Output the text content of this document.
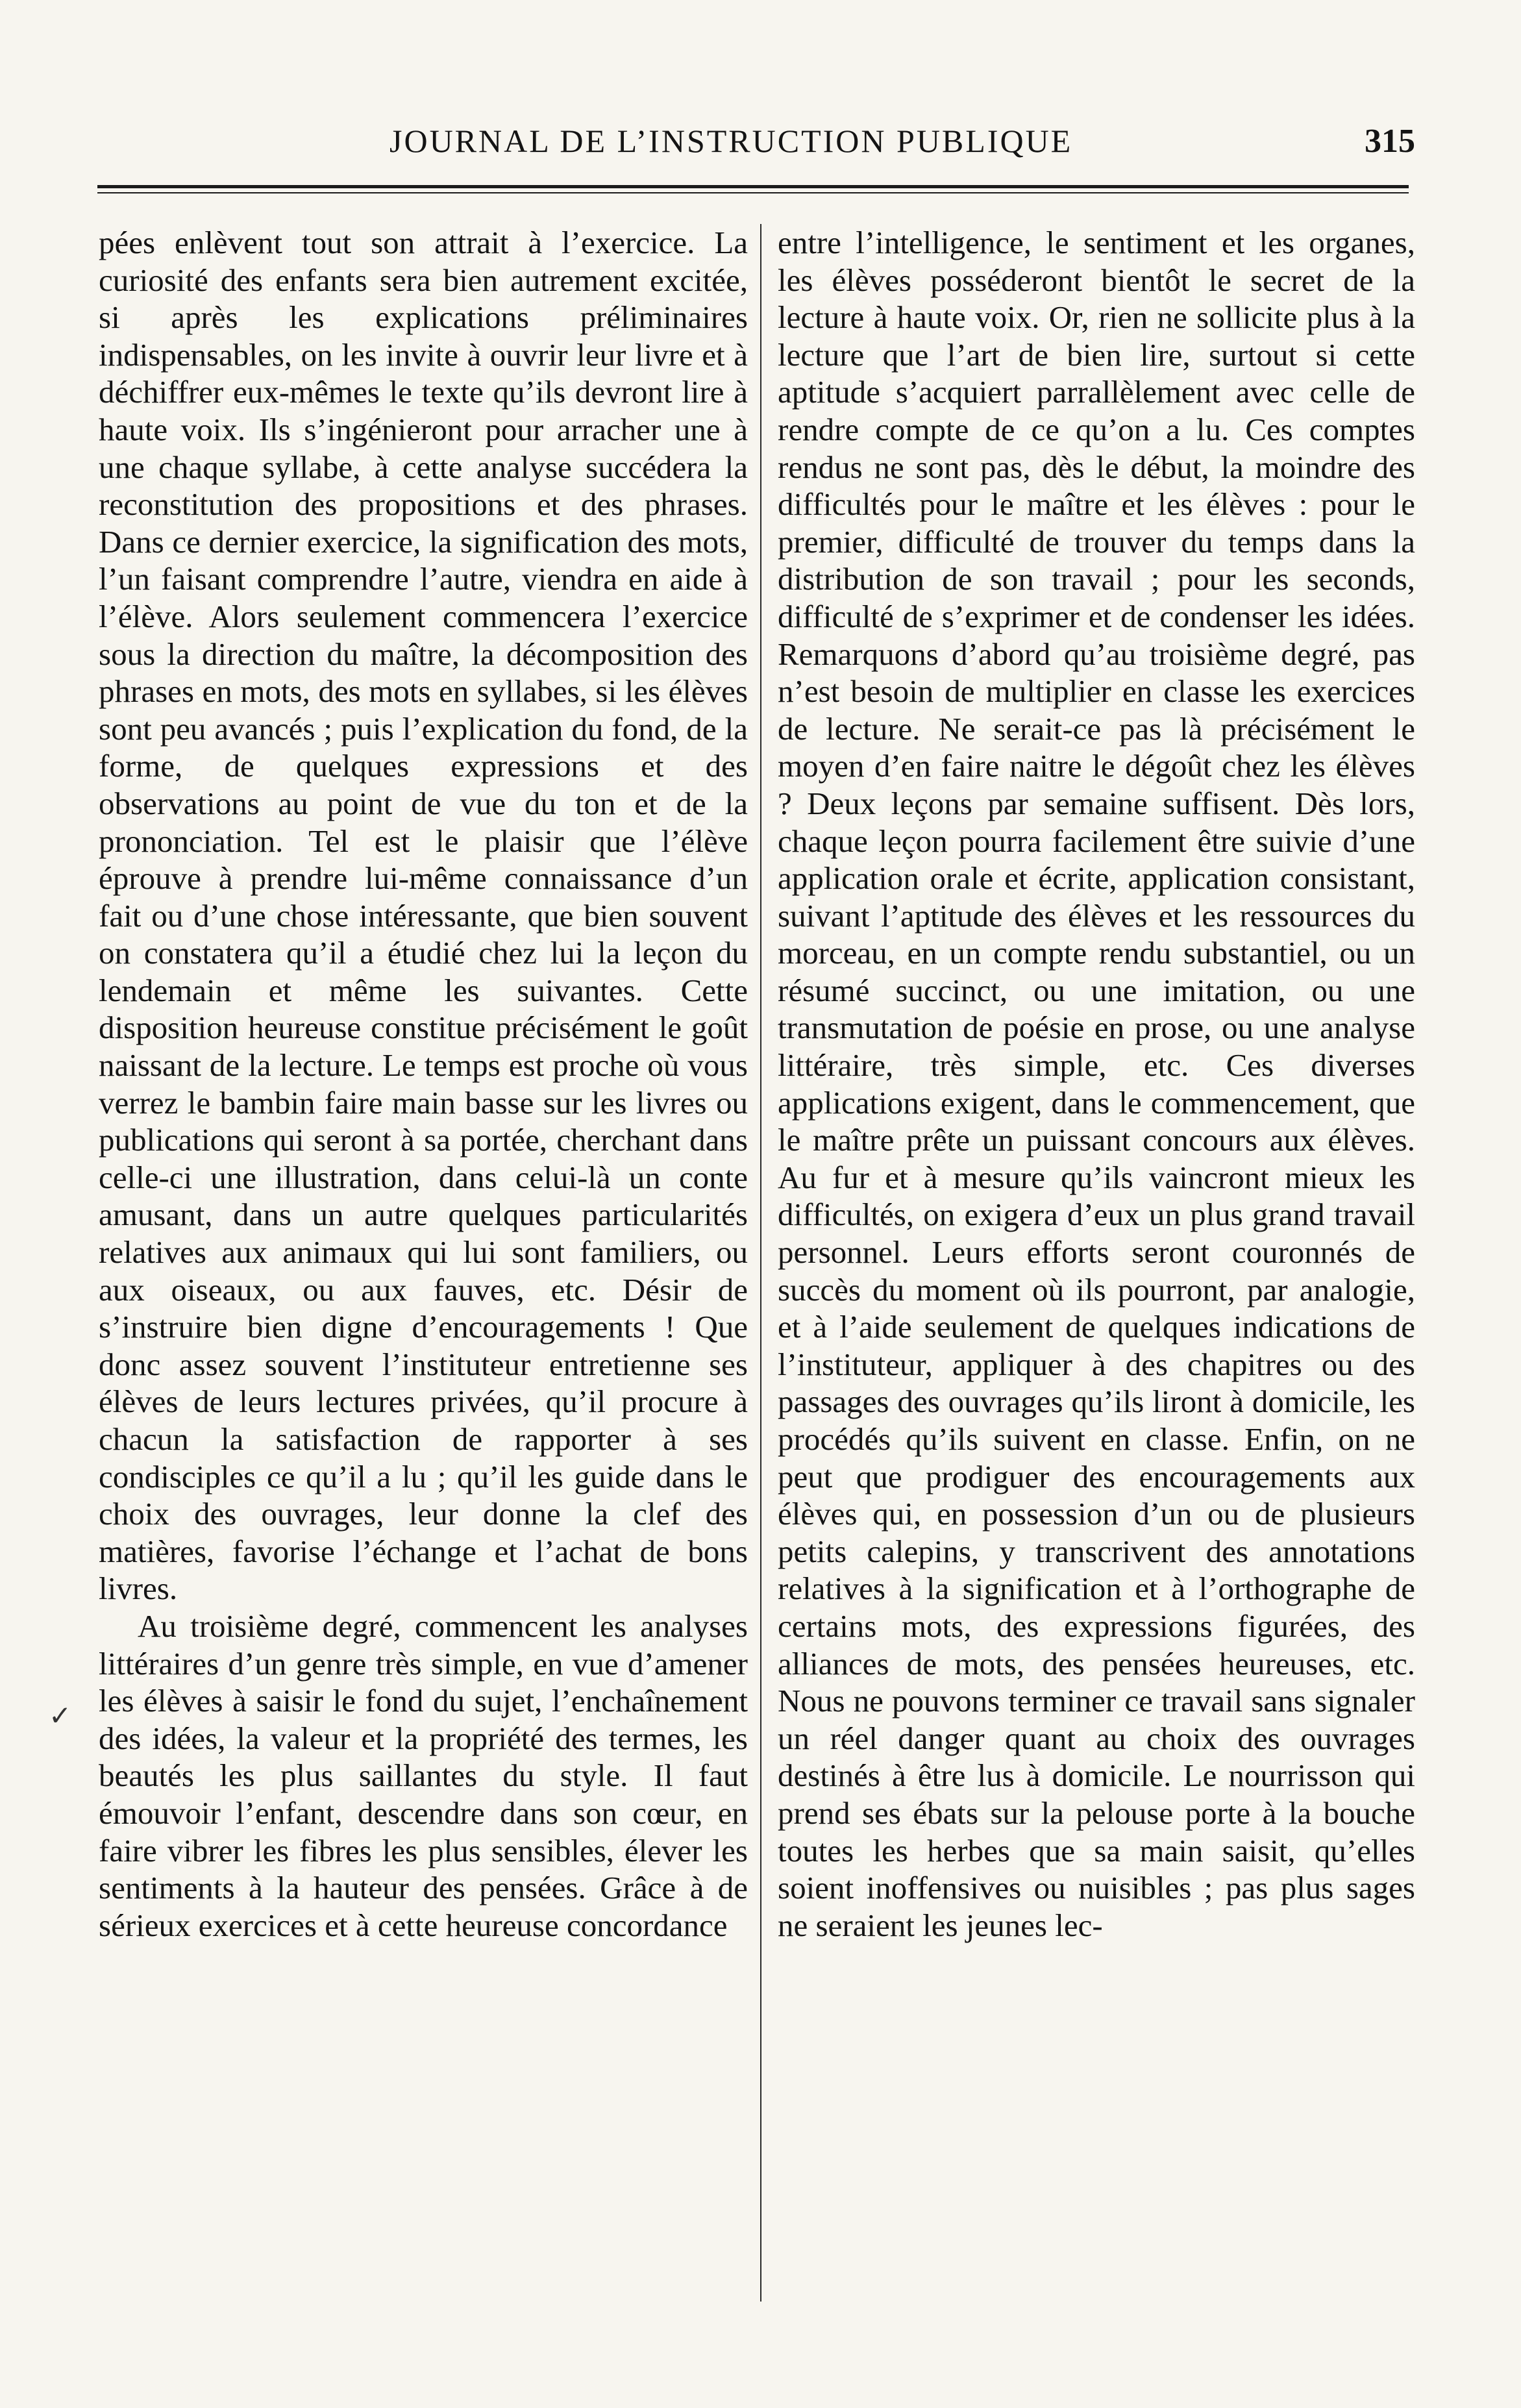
JOURNAL DE L’INSTRUCTION PUBLIQUE	315

pées enlèvent tout son attrait à l’exercice. La curiosité des enfants sera bien autrement excitée, si après les explications préliminaires indispensables, on les invite à ouvrir leur livre et à déchiffrer eux-mêmes le texte qu’ils devront lire à haute voix. Ils s’ingénieront pour arracher une à une chaque syllabe, à cette analyse succédera la reconstitution des propositions et des phrases. Dans ce dernier exercice, la signification des mots, l’un faisant comprendre l’autre, viendra en aide à l’élève. Alors seulement commencera l’exercice sous la direction du maître, la décomposition des phrases en mots, des mots en syllabes, si les élèves sont peu avancés ; puis l’explication du fond, de la forme, de quelques expressions et des observations au point de vue du ton et de la prononciation. Tel est le plaisir que l’élève éprouve à prendre lui-même connaissance d’un fait ou d’une chose intéressante, que bien souvent on constatera qu’il a étudié chez lui la leçon du lendemain et même les suivantes. Cette disposition heureuse constitue précisément le goût naissant de la lecture. Le temps est proche où vous verrez le bambin faire main basse sur les livres ou publications qui seront à sa portée, cherchant dans celle-ci une illustration, dans celui-là un conte amusant, dans un autre quelques particularités relatives aux animaux qui lui sont familiers, ou aux oiseaux, ou aux fauves, etc. Désir de s’instruire bien digne d’encouragements ! Que donc assez souvent l’instituteur entretienne ses élèves de leurs lectures privées, qu’il procure à chacun la satisfaction de rapporter à ses condisciples ce qu’il a lu ; qu’il les guide dans le choix des ouvrages, leur donne la clef des matières, favorise l’échange et l’achat de bons livres.

Au troisième degré, commencent les analyses littéraires d’un genre très simple, en vue d’amener les élèves à saisir le fond du sujet, l’enchaînement des idées, la valeur et la propriété des termes, les beautés les plus saillantes du style. Il faut émouvoir l’enfant, descendre dans son cœur, en faire vibrer les fibres les plus sensibles, élever les sentiments à la hauteur des pensées. Grâce à de sérieux exercices et à cette heureuse concordance

entre l’intelligence, le sentiment et les organes, les élèves posséderont bientôt le secret de la lecture à haute voix. Or, rien ne sollicite plus à la lecture que l’art de bien lire, surtout si cette aptitude s’acquiert parrallèlement avec celle de rendre compte de ce qu’on a lu. Ces comptes rendus ne sont pas, dès le début, la moindre des difficultés pour le maître et les élèves : pour le premier, difficulté de trouver du temps dans la distribution de son travail ; pour les seconds, difficulté de s’exprimer et de condenser les idées. Remarquons d’abord qu’au troisième degré, pas n’est besoin de multiplier en classe les exercices de lecture. Ne serait-ce pas là précisément le moyen d’en faire naitre le dégoût chez les élèves ? Deux leçons par semaine suffisent. Dès lors, chaque leçon pourra facilement être suivie d’une application orale et écrite, application consistant, suivant l’aptitude des élèves et les ressources du morceau, en un compte rendu substantiel, ou un résumé succinct, ou une imitation, ou une transmutation de poésie en prose, ou une analyse littéraire, très simple, etc. Ces diverses applications exigent, dans le commencement, que le maître prête un puissant concours aux élèves. Au fur et à mesure qu’ils vaincront mieux les difficultés, on exigera d’eux un plus grand travail personnel. Leurs efforts seront couronnés de succès du moment où ils pourront, par analogie, et à l’aide seulement de quelques indications de l’instituteur, appliquer à des chapitres ou des passages des ouvrages qu’ils liront à domicile, les procédés qu’ils suivent en classe. Enfin, on ne peut que prodiguer des encouragements aux élèves qui, en possession d’un ou de plusieurs petits calepins, y transcrivent des annotations relatives à la signification et à l’orthographe de certains mots, des expressions figurées, des alliances de mots, des pensées heureuses, etc. Nous ne pouvons terminer ce travail sans signaler un réel danger quant au choix des ouvrages destinés à être lus à domicile. Le nourrisson qui prend ses ébats sur la pelouse porte à la bouche toutes les herbes que sa main saisit, qu’elles soient inoffensives ou nuisibles ; pas plus sages ne seraient les jeunes lec-

✓
